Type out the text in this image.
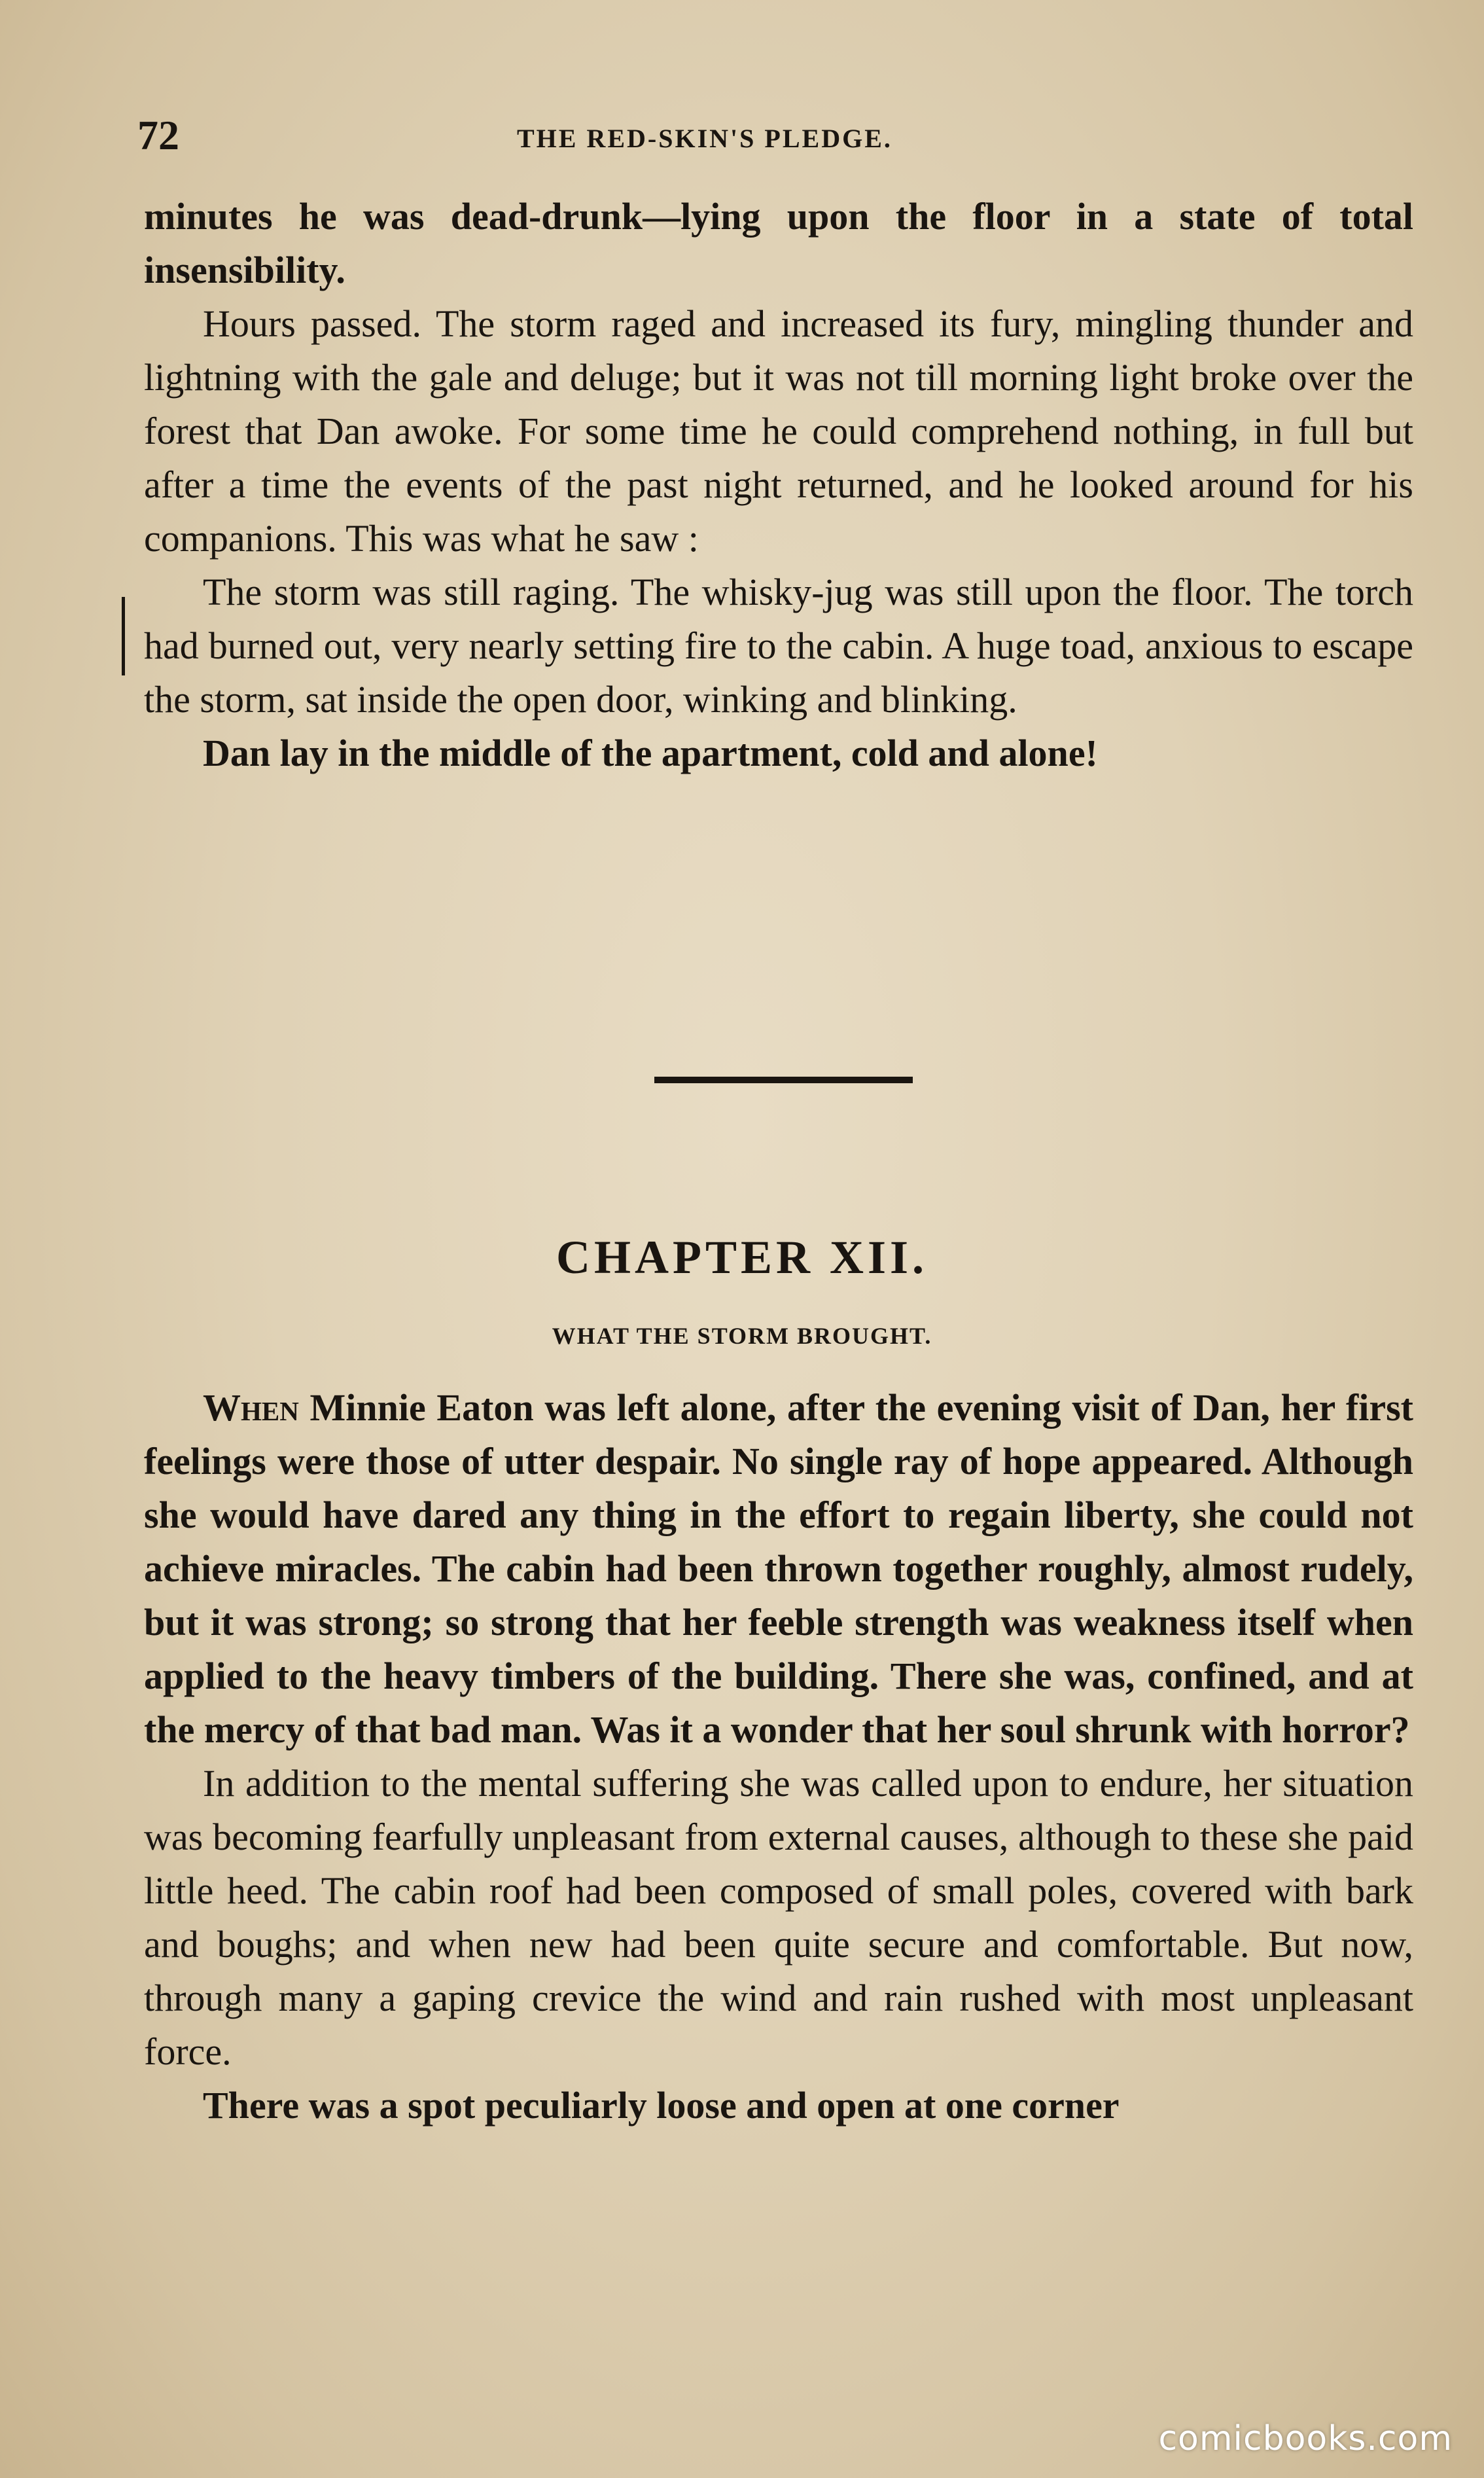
72	THE RED-SKIN'S PLEDGE.

minutes he was dead-drunk—lying upon the floor in a state of total insensibility.

Hours passed. The storm raged and increased its fury, mingling thunder and lightning with the gale and deluge; but it was not till morning light broke over the forest that Dan awoke. For some time he could comprehend nothing, in full but after a time the events of the past night returned, and he looked around for his companions. This was what he saw :

The storm was still raging. The whisky-jug was still upon the floor. The torch had burned out, very nearly setting fire to the cabin. A huge toad, anxious to escape the storm, sat inside the open door, winking and blinking.

Dan lay in the middle of the apartment, cold and alone!

CHAPTER XII.
WHAT THE STORM BROUGHT.

When Minnie Eaton was left alone, after the evening visit of Dan, her first feelings were those of utter despair. No single ray of hope appeared. Although she would have dared any thing in the effort to regain liberty, she could not achieve miracles. The cabin had been thrown together roughly, almost rudely, but it was strong; so strong that her feeble strength was weakness itself when applied to the heavy timbers of the building. There she was, confined, and at the mercy of that bad man. Was it a wonder that her soul shrunk with horror?

In addition to the mental suffering she was called upon to endure, her situation was becoming fearfully unpleasant from external causes, although to these she paid little heed. The cabin roof had been composed of small poles, covered with bark and boughs; and when new had been quite secure and comfortable. But now, through many a gaping crevice the wind and rain rushed with most unpleasant force.

There was a spot peculiarly loose and open at one corner

comicbooks.com
